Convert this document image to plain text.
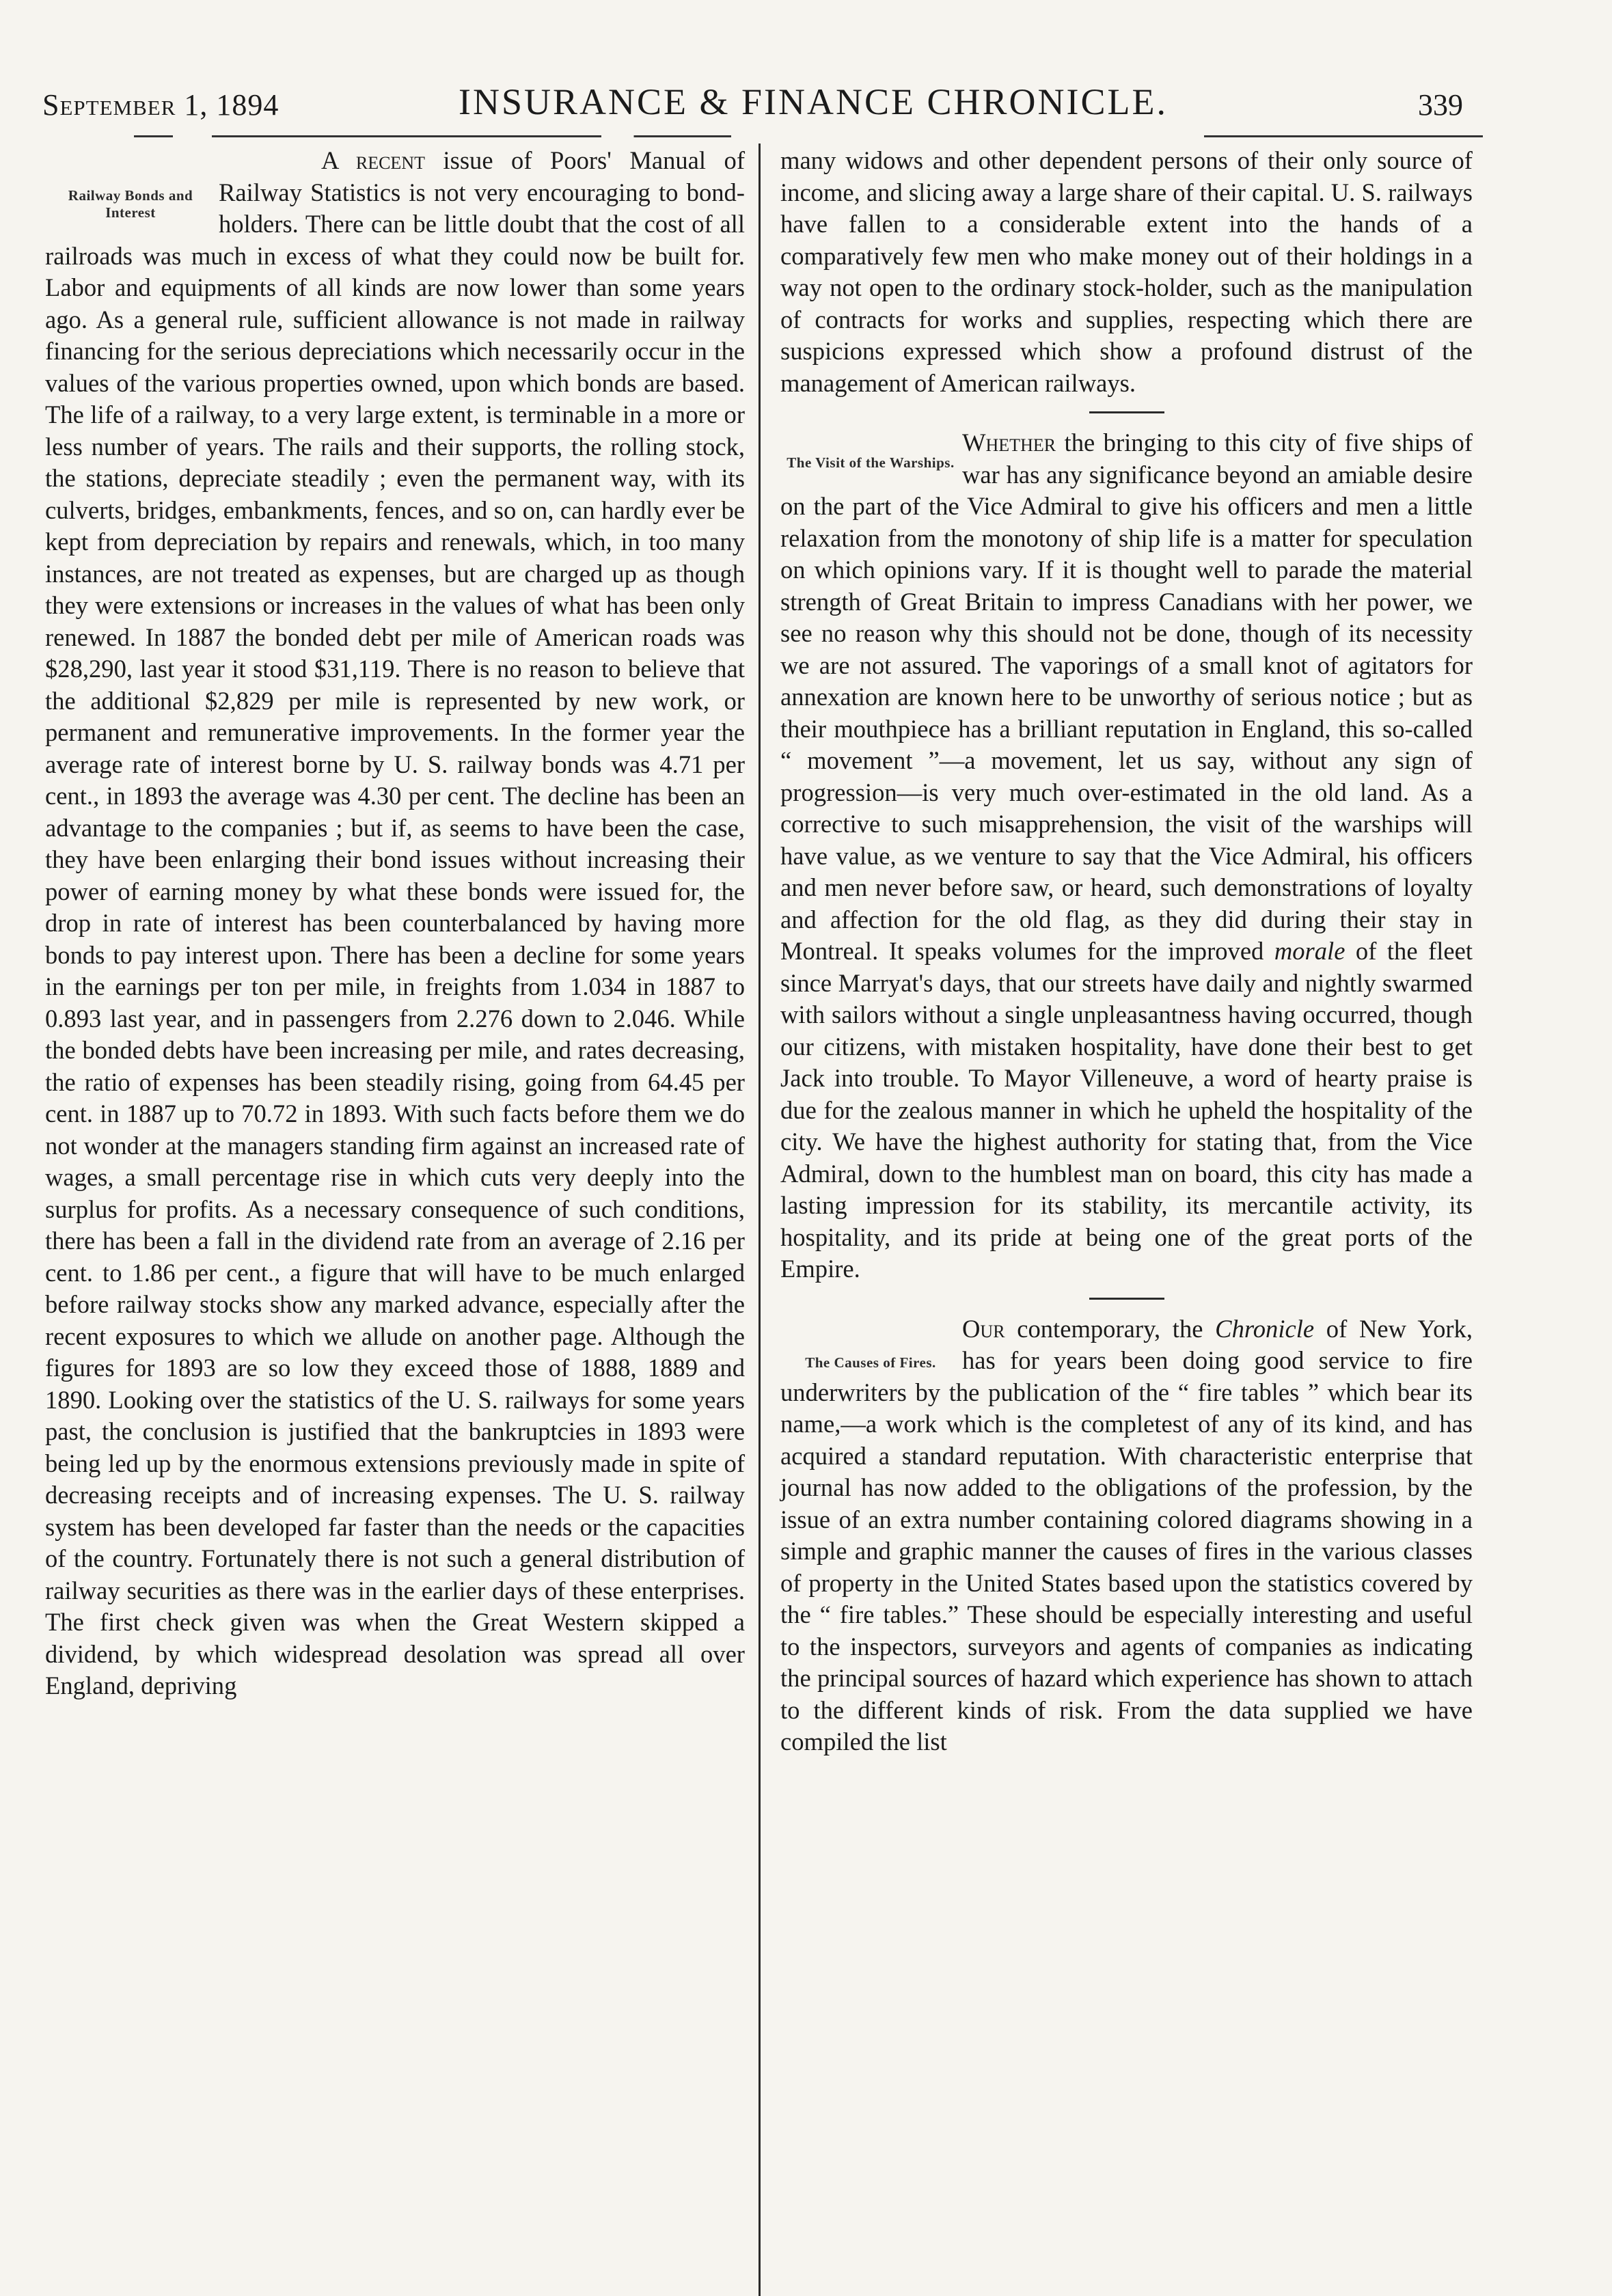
September 1, 1894	INSURANCE & FINANCE CHRONICLE.	339
Railway Bonds and Interest

A recent issue of Poors' Manual of Railway Statistics is not very encouraging to bond-holders. There can be little doubt that the cost of all railroads was much in excess of what they could now be built for. Labor and equipments of all kinds are now lower than some years ago. As a general rule, sufficient allowance is not made in railway financing for the serious depreciations which necessarily occur in the values of the various properties owned, upon which bonds are based. The life of a railway, to a very large extent, is terminable in a more or less number of years. The rails and their supports, the rolling stock, the stations, depreciate steadily ; even the permanent way, with its culverts, bridges, embankments, fences, and so on, can hardly ever be kept from depreciation by repairs and renewals, which, in too many instances, are not treated as expenses, but are charged up as though they were extensions or increases in the values of what has been only renewed. In 1887 the bonded debt per mile of American roads was $28,290, last year it stood $31,119. There is no reason to believe that the additional $2,829 per mile is represented by new work, or permanent and remunerative improvements. In the former year the average rate of interest borne by U. S. railway bonds was 4.71 per cent., in 1893 the average was 4.30 per cent. The decline has been an advantage to the companies ; but if, as seems to have been the case, they have been enlarging their bond issues without increasing their power of earning money by what these bonds were issued for, the drop in rate of interest has been counterbalanced by having more bonds to pay interest upon. There has been a decline for some years in the earnings per ton per mile, in freights from 1.034 in 1887 to 0.893 last year, and in passengers from 2.276 down to 2.046. While the bonded debts have been increasing per mile, and rates decreasing, the ratio of expenses has been steadily rising, going from 64.45 per cent. in 1887 up to 70.72 in 1893. With such facts before them we do not wonder at the managers standing firm against an increased rate of wages, a small percentage rise in which cuts very deeply into the surplus for profits. As a necessary consequence of such conditions, there has been a fall in the dividend rate from an average of 2.16 per cent. to 1.86 per cent., a figure that will have to be much enlarged before railway stocks show any marked advance, especially after the recent exposures to which we allude on another page. Although the figures for 1893 are so low they exceed those of 1888, 1889 and 1890. Looking over the statistics of the U. S. railways for some years past, the conclusion is justified that the bankruptcies in 1893 were being led up by the enormous extensions previously made in spite of decreasing receipts and of increasing expenses. The U. S. railway system has been developed far faster than the needs or the capacities of the country. Fortunately there is not such a general distribution of railway securities as there was in the earlier days of these enterprises. The first check given was when the Great Western skipped a dividend, by which widespread desolation was spread all over England, depriving

many widows and other dependent persons of their only source of income, and slicing away a large share of their capital. U. S. railways have fallen to a considerable extent into the hands of a comparatively few men who make money out of their holdings in a way not open to the ordinary stock-holder, such as the manipulation of contracts for works and supplies, respecting which there are suspicions expressed which show a profound distrust of the management of American railways.

The Visit of the Warships.

Whether the bringing to this city of five ships of war has any significance beyond an amiable desire on the part of the Vice Admiral to give his officers and men a little relaxation from the monotony of ship life is a matter for speculation on which opinions vary. If it is thought well to parade the material strength of Great Britain to impress Canadians with her power, we see no reason why this should not be done, though of its necessity we are not assured. The vaporings of a small knot of agitators for annexation are known here to be unworthy of serious notice ; but as their mouthpiece has a brilliant reputation in England, this so-called “ movement ”—a movement, let us say, without any sign of progression—is very much over-estimated in the old land. As a corrective to such misapprehension, the visit of the warships will have value, as we venture to say that the Vice Admiral, his officers and men never before saw, or heard, such demonstrations of loyalty and affection for the old flag, as they did during their stay in Montreal. It speaks volumes for the improved morale of the fleet since Marryat's days, that our streets have daily and nightly swarmed with sailors without a single unpleasantness having occurred, though our citizens, with mistaken hospitality, have done their best to get Jack into trouble. To Mayor Villeneuve, a word of hearty praise is due for the zealous manner in which he upheld the hospitality of the city. We have the highest authority for stating that, from the Vice Admiral, down to the humblest man on board, this city has made a lasting impression for its stability, its mercantile activity, its hospitality, and its pride at being one of the great ports of the Empire.

The Causes of Fires.

Our contemporary, the Chronicle of New York, has for years been doing good service to fire underwriters by the publication of the “ fire tables ” which bear its name,—a work which is the completest of any of its kind, and has acquired a standard reputation. With characteristic enterprise that journal has now added to the obligations of the profession, by the issue of an extra number containing colored diagrams showing in a simple and graphic manner the causes of fires in the various classes of property in the United States based upon the statistics covered by the “ fire tables.” These should be especially interesting and useful to the inspectors, surveyors and agents of companies as indicating the principal sources of hazard which experience has shown to attach to the different kinds of risk. From the data supplied we have compiled the list
